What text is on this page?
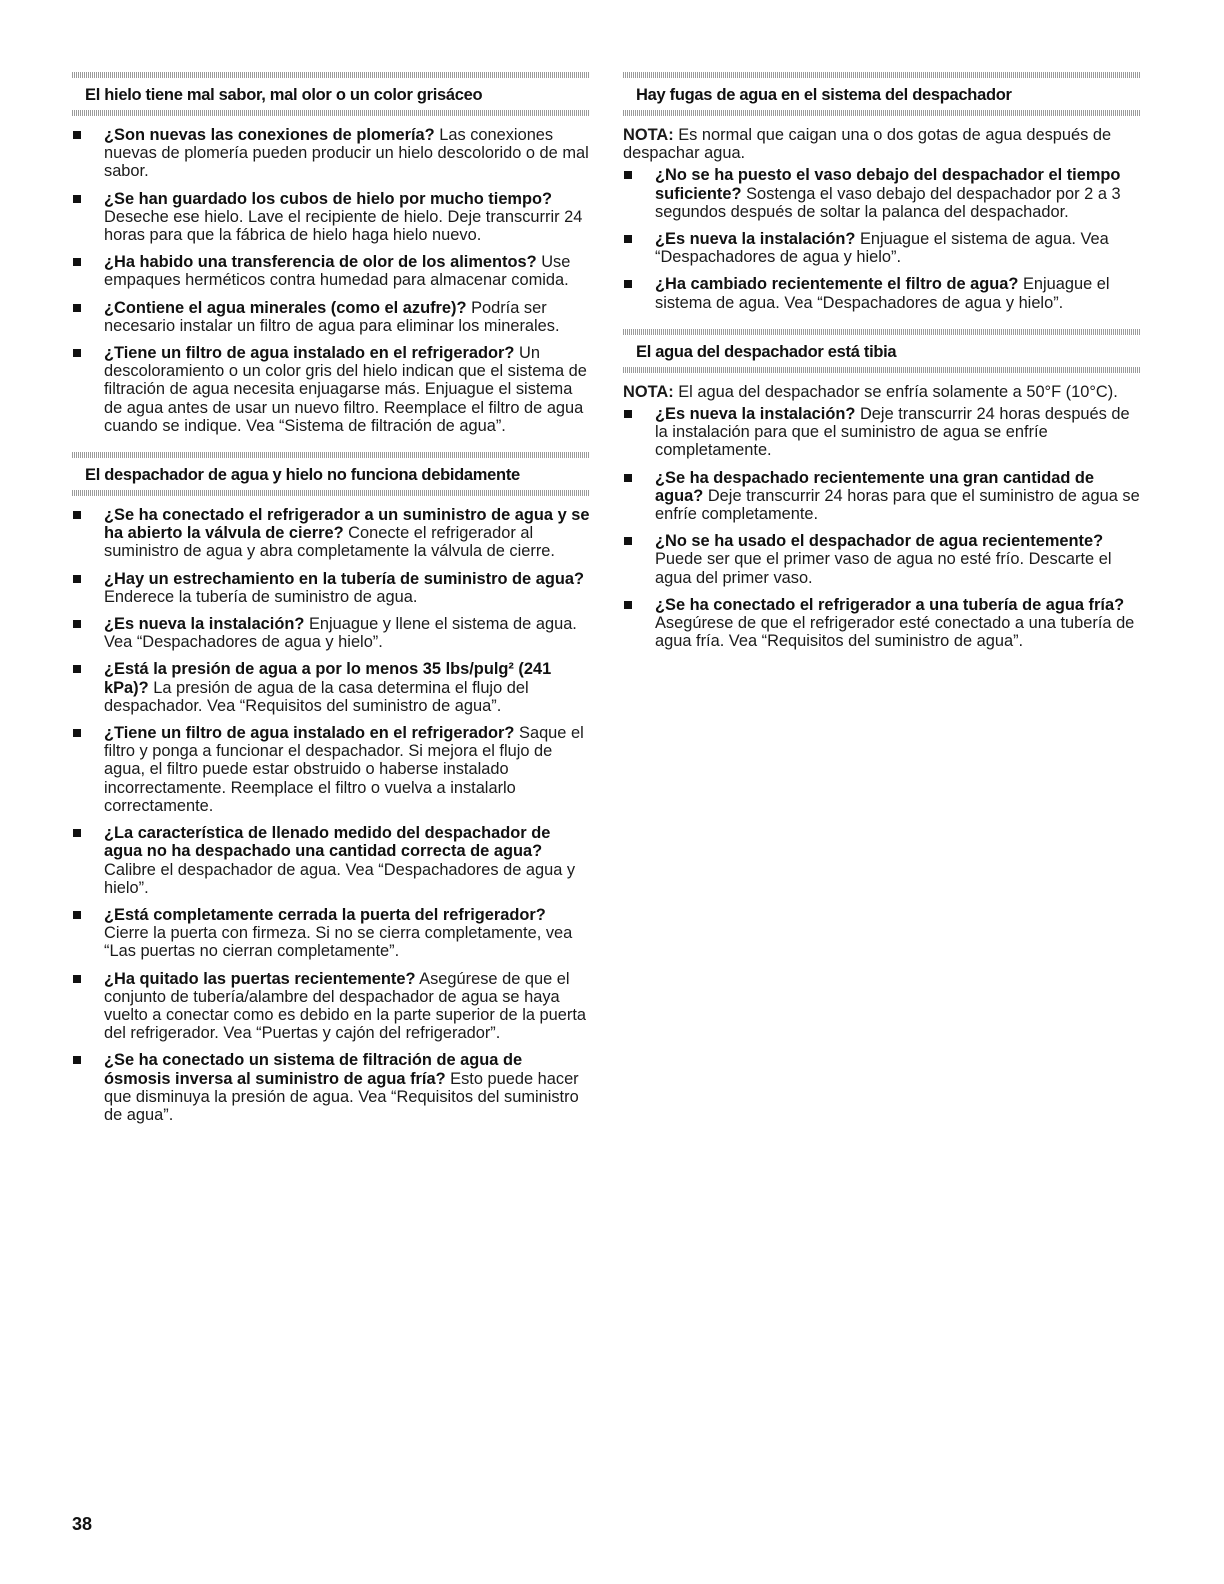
El hielo tiene mal sabor, mal olor o un color grisáceo
¿Son nuevas las conexiones de plomería? Las conexiones nuevas de plomería pueden producir un hielo descolorido o de mal sabor.
¿Se han guardado los cubos de hielo por mucho tiempo? Deseche ese hielo. Lave el recipiente de hielo. Deje transcurrir 24 horas para que la fábrica de hielo haga hielo nuevo.
¿Ha habido una transferencia de olor de los alimentos? Use empaques herméticos contra humedad para almacenar comida.
¿Contiene el agua minerales (como el azufre)? Podría ser necesario instalar un filtro de agua para eliminar los minerales.
¿Tiene un filtro de agua instalado en el refrigerador? Un descoloramiento o un color gris del hielo indican que el sistema de filtración de agua necesita enjuagarse más. Enjuague el sistema de agua antes de usar un nuevo filtro. Reemplace el filtro de agua cuando se indique. Vea “Sistema de filtración de agua”.
El despachador de agua y hielo no funciona debidamente
¿Se ha conectado el refrigerador a un suministro de agua y se ha abierto la válvula de cierre? Conecte el refrigerador al suministro de agua y abra completamente la válvula de cierre.
¿Hay un estrechamiento en la tubería de suministro de agua? Enderece la tubería de suministro de agua.
¿Es nueva la instalación? Enjuague y llene el sistema de agua. Vea “Despachadores de agua y hielo”.
¿Está la presión de agua a por lo menos 35 lbs/pulg² (241 kPa)? La presión de agua de la casa determina el flujo del despachador. Vea “Requisitos del suministro de agua”.
¿Tiene un filtro de agua instalado en el refrigerador? Saque el filtro y ponga a funcionar el despachador. Si mejora el flujo de agua, el filtro puede estar obstruido o haberse instalado incorrectamente. Reemplace el filtro o vuelva a instalarlo correctamente.
¿La característica de llenado medido del despachador de agua no ha despachado una cantidad correcta de agua? Calibre el despachador de agua. Vea “Despachadores de agua y hielo”.
¿Está completamente cerrada la puerta del refrigerador? Cierre la puerta con firmeza. Si no se cierra completamente, vea “Las puertas no cierran completamente”.
¿Ha quitado las puertas recientemente? Asegúrese de que el conjunto de tubería/alambre del despachador de agua se haya vuelto a conectar como es debido en la parte superior de la puerta del refrigerador. Vea “Puertas y cajón del refrigerador”.
¿Se ha conectado un sistema de filtración de agua de ósmosis inversa al suministro de agua fría? Esto puede hacer que disminuya la presión de agua. Vea “Requisitos del suministro de agua”.
Hay fugas de agua en el sistema del despachador

NOTA: Es normal que caigan una o dos gotas de agua después de despachar agua.

¿No se ha puesto el vaso debajo del despachador el tiempo suficiente? Sostenga el vaso debajo del despachador por 2 a 3 segundos después de soltar la palanca del despachador.
¿Es nueva la instalación? Enjuague el sistema de agua. Vea “Despachadores de agua y hielo”.
¿Ha cambiado recientemente el filtro de agua? Enjuague el sistema de agua. Vea “Despachadores de agua y hielo”.
El agua del despachador está tibia

NOTA: El agua del despachador se enfría solamente a 50°F (10°C).

¿Es nueva la instalación? Deje transcurrir 24 horas después de la instalación para que el suministro de agua se enfríe completamente.
¿Se ha despachado recientemente una gran cantidad de agua? Deje transcurrir 24 horas para que el suministro de agua se enfríe completamente.
¿No se ha usado el despachador de agua recientemente? Puede ser que el primer vaso de agua no esté frío. Descarte el agua del primer vaso.
¿Se ha conectado el refrigerador a una tubería de agua fría? Asegúrese de que el refrigerador esté conectado a una tubería de agua fría. Vea “Requisitos del suministro de agua”.
38
